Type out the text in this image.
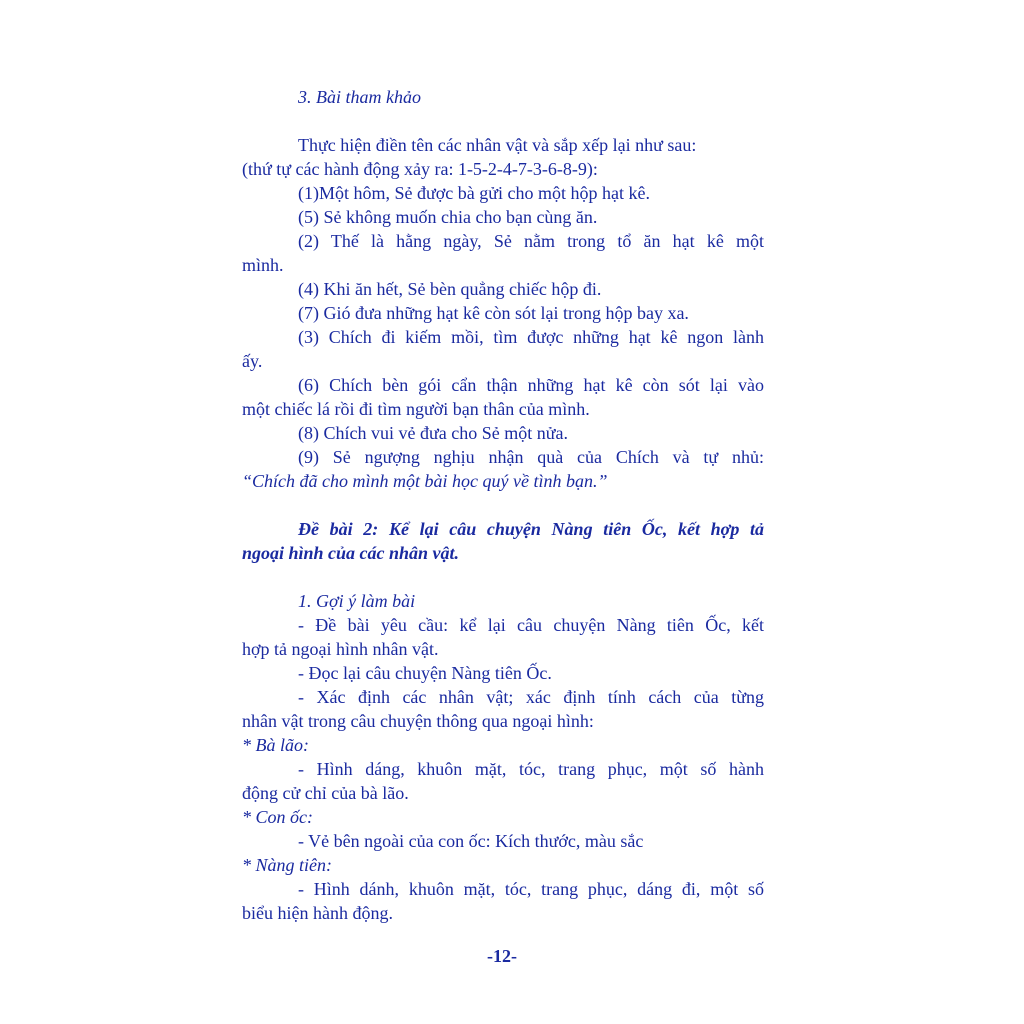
3. Bài tham khảo
Thực hiện điền tên các nhân vật và sắp xếp lại như sau:
(thứ tự các hành động xảy ra: 1-5-2-4-7-3-6-8-9):
(1)Một hôm, Sẻ được bà gửi cho một hộp hạt kê.
(5) Sẻ không muốn chia cho bạn cùng ăn.
(2) Thế là hằng ngày, Sẻ nằm trong tổ ăn hạt kê một
mình.
(4) Khi ăn hết, Sẻ bèn quẳng chiếc hộp đi.
(7) Gió đưa những hạt kê còn sót lại trong hộp bay xa.
(3) Chích đi kiếm mồi, tìm được những hạt kê ngon lành
ấy.
(6) Chích bèn gói cẩn thận những hạt kê còn sót lại vào
một chiếc lá rồi đi tìm người bạn thân của mình.
(8) Chích vui vẻ đưa cho Sẻ một nửa.
(9) Sẻ ngượng nghịu nhận quà của Chích và tự nhủ:
“Chích đã cho mình một bài học quý về tình bạn.”
Đề bài 2: Kể lại câu chuyện Nàng tiên Ốc, kết hợp tả
ngoại hình của các nhân vật.
1. Gợi ý làm bài
- Đề bài yêu cầu: kể lại câu chuyện Nàng tiên Ốc, kết
hợp tả ngoại hình nhân vật.
- Đọc lại câu chuyện Nàng tiên Ốc.
- Xác định các nhân vật; xác định tính cách của từng
nhân vật trong câu chuyện thông qua ngoại hình:
* Bà lão:
- Hình dáng, khuôn mặt, tóc, trang phục, một số hành
động cử chỉ của bà lão.
* Con ốc:
- Vẻ bên ngoài của con ốc: Kích thước, màu sắc
* Nàng tiên:
- Hình dánh, khuôn mặt, tóc, trang phục, dáng đi, một số
biểu hiện hành động.
-12-
